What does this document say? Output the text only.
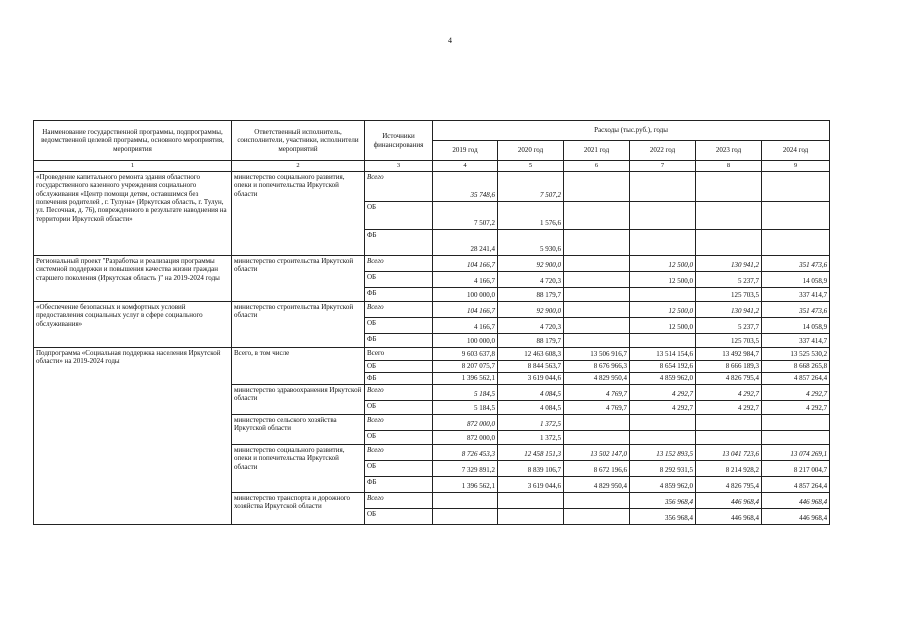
4
Наименование государственной программы, подпрограммы, ведомственной целевой программы, основного мероприятия, мероприятия	Ответственный исполнитель, соисполнители, участники, исполнители мероприятий	Источники финансирования	Расходы (тыс.руб.), годы					
			2019 год	2020 год	2021 год	2022 год	2023 год	2024 год
1	2	3	4	5	6	7	8	9
«Проведение капитального ремонта здания областного государственного казенного учреждения социального обслуживания «Центр помощи детям, оставшимся без попечения родителей , г. Тулуна» (Иркутская область, г. Тулун, ул. Песочная, д. 76), поврежденного в результате наводнения на территории Иркутской области»	министерство социального развития, опеки и попечительства Иркутской области	Всего	35 748,6	7 507,2				
		ОБ	7 507,2	1 576,6				
		ФБ	28 241,4	5 930,6				
Региональный проект "Разработка и реализация программы системной поддержки и повышения качества жизни граждан старшего поколения (Иркутская область )" на 2019-2024 годы	министерство строительства Иркутской области	Всего	104 166,7	92 900,0		12 500,0	130 941,2	351 473,6
		ОБ	4 166,7	4 720,3		12 500,0	5 237,7	14 058,9
		ФБ	100 000,0	88 179,7			125 703,5	337 414,7
«Обеспечение безопасных и комфортных условий предоставления социальных услуг в сфере социального обслуживания»	министерство строительства Иркутской области	Всего	104 166,7	92 900,0		12 500,0	130 941,2	351 473,6
		ОБ	4 166,7	4 720,3		12 500,0	5 237,7	14 058,9
		ФБ	100 000,0	88 179,7			125 703,5	337 414,7
Подпрограмма «Социальная поддержка населения Иркутской области» на 2019-2024 годы	Всего, в том числе	Всего	9 603 637,8	12 463 608,3	13 506 916,7	13 514 154,6	13 492 984,7	13 525 530,2
		ОБ	8 207 075,7	8 844 563,7	8 676 966,3	8 654 192,6	8 666 189,3	8 668 265,8
		ФБ	1 396 562,1	3 619 044,6	4 829 950,4	4 859 962,0	4 826 795,4	4 857 264,4
	министерство здравоохранения Иркутской области	Всего	5 184,5	4 084,5	4 769,7	4 292,7	4 292,7	4 292,7
		ОБ	5 184,5	4 084,5	4 769,7	4 292,7	4 292,7	4 292,7
	министерство сельского хозяйства Иркутской области	Всего	872 000,0	1 372,5				
		ОБ	872 000,0	1 372,5				
	министерство социального развития, опеки и попечительства Иркутской области	Всего	8 726 453,3	12 458 151,3	13 502 147,0	13 152 893,5	13 041 723,6	13 074 269,1
		ОБ	7 329 891,2	8 839 106,7	8 672 196,6	8 292 931,5	8 214 928,2	8 217 004,7
		ФБ	1 396 562,1	3 619 044,6	4 829 950,4	4 859 962,0	4 826 795,4	4 857 264,4
	министерство транспорта и дорожного хозяйства Иркутской области	Всего				356 968,4	446 968,4	446 968,4
		ОБ				356 968,4	446 968,4	446 968,4
